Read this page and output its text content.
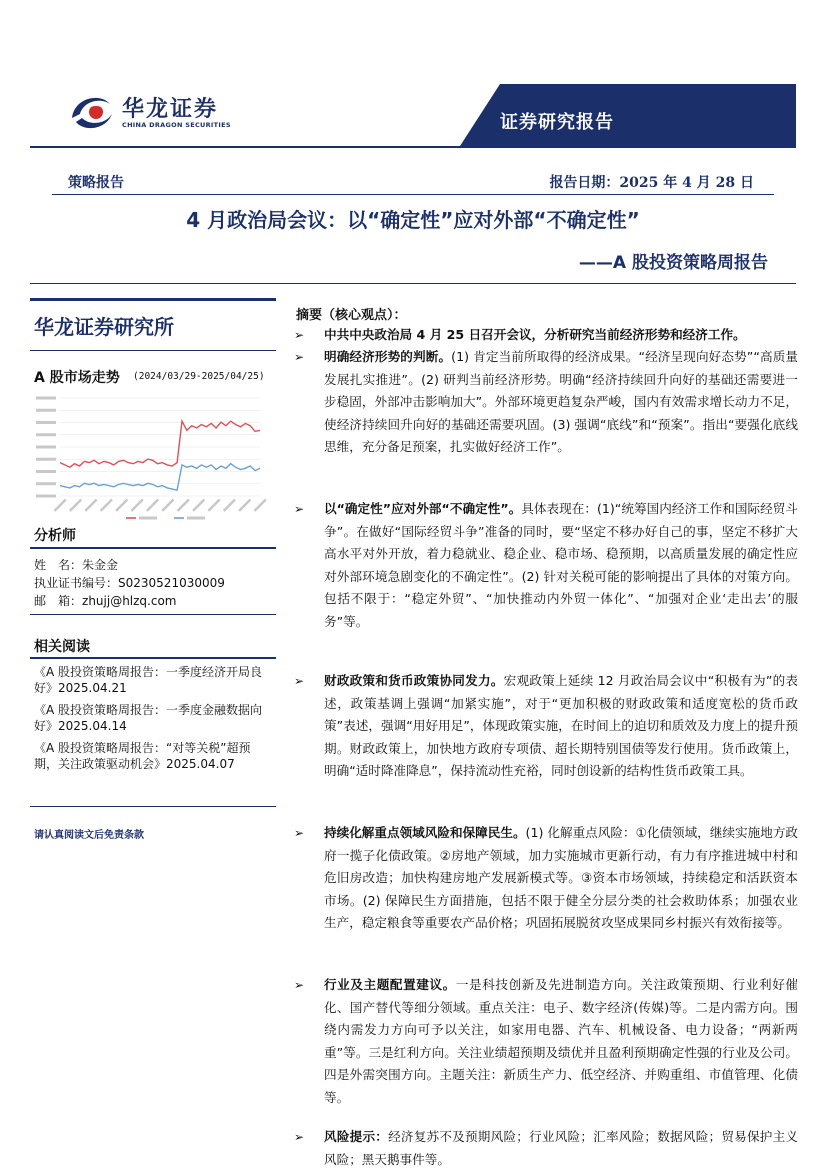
华龙证券
CHINA DRAGON SECURITIES	证券研究报告
策略报告	报告日期：2025 年 4 月 28 日
4 月政治局会议：以“确定性”应对外部“不确定性”
——A 股投资策略周报告
华龙证券研究所
A 股市场走势 (2024/03/29-2025/04/25)
分析师
姓　名：朱金金
执业证书编号：S0230521030009
邮　箱：zhujj@hlzq.com
相关阅读
《A 股投资策略周报告：一季度经济开局良好》2025.04.21
《A 股投资策略周报告：一季度金融数据向好》2025.04.14
《A 股投资策略周报告：“对等关税”超预期，关注政策驱动机会》2025.04.07
请认真阅读文后免责条款
摘要（核心观点）：
➢	中共中央政治局 4 月 25 日召开会议，分析研究当前经济形势和经济工作。
➢	明确经济形势的判断。(1) 肯定当前所取得的经济成果。“经济呈现向好态势”“高质量发展扎实推进”。(2) 研判当前经济形势。明确“经济持续回升向好的基础还需要进一步稳固，外部冲击影响加大”。外部环境更趋复杂严峻，国内有效需求增长动力不足，使经济持续回升向好的基础还需要巩固。(3) 强调“底线”和“预案”。指出“要强化底线思维，充分备足预案，扎实做好经济工作”。
➢	以“确定性”应对外部“不确定性”。具体表现在：(1)“统筹国内经济工作和国际经贸斗争”。在做好“国际经贸斗争”准备的同时，要“坚定不移办好自己的事，坚定不移扩大高水平对外开放，着力稳就业、稳企业、稳市场、稳预期，以高质量发展的确定性应对外部环境急剧变化的不确定性”。(2) 针对关税可能的影响提出了具体的对策方向。包括不限于：“稳定外贸”、“加快推动内外贸一体化”、“加强对企业‘走出去’的服务”等。
➢	财政政策和货币政策协同发力。宏观政策上延续 12 月政治局会议中“积极有为”的表述，政策基调上强调“加紧实施”，对于“更加积极的财政政策和适度宽松的货币政策”表述，强调“用好用足”，体现政策实施，在时间上的迫切和质效及力度上的提升预期。财政政策上，加快地方政府专项债、超长期特别国债等发行使用。货币政策上，明确“适时降准降息”，保持流动性充裕，同时创设新的结构性货币政策工具。
➢	持续化解重点领域风险和保障民生。(1) 化解重点风险：①化债领域，继续实施地方政府一揽子化债政策。②房地产领域，加力实施城市更新行动，有力有序推进城中村和危旧房改造；加快构建房地产发展新模式等。③资本市场领域，持续稳定和活跃资本市场。(2) 保障民生方面措施，包括不限于健全分层分类的社会救助体系；加强农业生产，稳定粮食等重要农产品价格；巩固拓展脱贫攻坚成果同乡村振兴有效衔接等。
➢	行业及主题配置建议。一是科技创新及先进制造方向。关注政策预期、行业利好催化、国产替代等细分领域。重点关注：电子、数字经济(传媒)等。二是内需方向。围绕内需发力方向可予以关注，如家用电器、汽车、机械设备、电力设备；“两新两重”等。三是红利方向。关注业绩超预期及绩优并且盈利预期确定性强的行业及公司。四是外需突围方向。主题关注：新质生产力、低空经济、并购重组、市值管理、化债等。
➢	风险提示：经济复苏不及预期风险；行业风险；汇率风险；数据风险；贸易保护主义风险；黑天鹅事件等。
